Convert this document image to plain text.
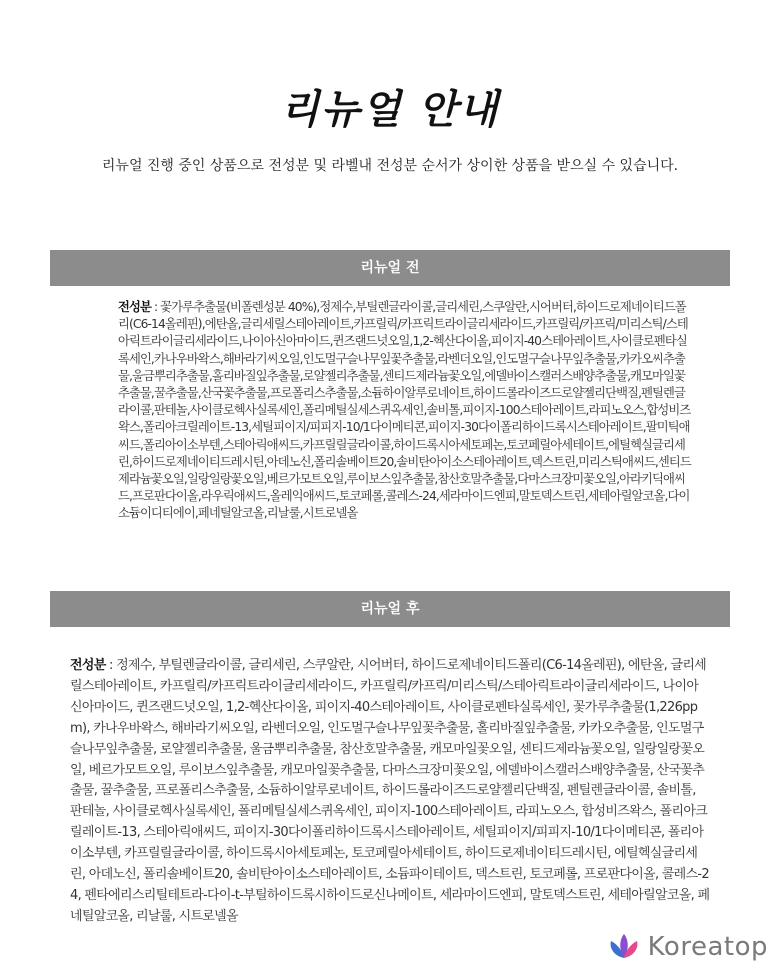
리뉴얼 안내
리뉴얼 진행 중인 상품으로 전성분 및 라벨내 전성분 순서가 상이한 상품을 받으실 수 있습니다.
리뉴얼 전
전성분 : 꽃가루추출물(비폴렌성분 40%),정제수,부틸렌글라이콜,글리세린,스쿠알란,시어버터,하이드로제네이티드폴리(C6-14올레핀),에탄올,글리세릴스테아레이트,카프릴릭/카프릭트라이글리세라이드,카프릴릭/카프릭/미리스틱/스테아릭트라이글리세라이드,나이아신아마이드,퀸즈랜드넛오일,1,2-헥산다이올,피이지-40스테아레이트,사이클로펜타실록세인,카나우바왁스,해바라기씨오일,인도멀구슬나무잎꽃추출물,라벤더오일,인도멀구슬나무잎추출물,카카오씨추출물,울금뿌리추출물,홀리바질잎추출물,로얄젤리추출물,센티드제라늄꽃오일,에델바이스캘러스배양추출물,캐모마일꽃추출물,꿀추출물,산국꽃추출물,프로폴리스추출물,소듐하이알루로네이트,하이드롤라이즈드로얄젤리단백질,펜틸렌글라이콜,판테놀,사이클로헥사실록세인,폴리메틸실세스퀴옥세인,솔비톨,피이지-100스테아레이트,라피노오스,합성비즈왁스,폴리아크릴레이트-13,세틸피이지/피피지-10/1다이메티콘,피이지-30다이폴리하이드록시스테아레이트,팔미틱애씨드,폴리아이소부텐,스테아릭애씨드,카프릴릴글라이콜,하이드록시아세토페논,토코페릴아세테이트,에틸헥실글리세린,하이드로제네이티드레시틴,아데노신,폴리솔베이트20,솔비탄아이소스테아레이트,덱스트린,미리스틱애씨드,센티드제라늄꽃오일,일랑일랑꽃오일,베르가모트오일,루이보스잎추출물,참산호말추출물,다마스크장미꽃오일,아라키딕애씨드,프로판다이올,라우릭애씨드,올레익애씨드,토코페롤,콜레스-24,세라마이드엔피,말토덱스트린,세테아릴알코올,다이소듐이디티에이,페네틸알코올,리날룰,시트로넬올
리뉴얼 후
전성분 : 정제수, 부틸렌글라이콜, 글리세린, 스쿠알란, 시어버터, 하이드로제네이티드폴리(C6-14올레핀), 에탄올, 글리세릴스테아레이트, 카프릴릭/카프릭트라이글리세라이드, 카프릴릭/카프릭/미리스틱/스테아릭트라이글리세라이드, 나이아신아마이드, 퀸즈랜드넛오일, 1,2-헥산다이올, 피이지-40스테아레이트, 사이클로펜타실록세인, 꽃가루추출물(1,226ppm), 카나우바왁스, 해바라기씨오일, 라벤더오일, 인도멀구슬나무잎꽃추출물, 홀리바질잎추출물, 카카오추출물, 인도멀구슬나무잎추출물, 로얄젤리추출물, 울금뿌리추출물, 참산호말추출물, 캐모마일꽃오일, 센티드제라늄꽃오일, 일랑일랑꽃오일, 베르가모트오일, 루이보스잎추출물, 캐모마일꽃추출물, 다마스크장미꽃오일, 에델바이스캘러스배양추출물, 산국꽃추출물, 꿀추출물, 프로폴리스추출물, 소듐하이알루로네이트, 하이드롤라이즈드로얄젤리단백질, 펜틸렌글라이콜, 솔비톨, 판테놀, 사이클로헥사실록세인, 폴리메틸실세스퀴옥세인, 피이지-100스테아레이트, 라피노오스, 합성비즈왁스, 폴리아크릴레이트-13, 스테아릭애씨드, 피이지-30다이폴리하이드록시스테아레이트, 세틸피이지/피피지-10/1다이메티콘, 폴리아이소부텐, 카프릴릴글라이콜, 하이드록시아세토페논, 토코페릴아세테이트, 하이드로제네이티드레시틴, 에틸헥실글리세린, 아데노신, 폴리솔베이트20, 솔비탄아이소스테아레이트, 소듐파이테이트, 덱스트린, 토코페롤, 프로판다이올, 콜레스-24, 펜타에리스리틸테트라-다이-t-부틸하이드록시하이드로신나메이트, 세라마이드엔피, 말토덱스트린, 세테아릴알코올, 페네틸알코올, 리날룰, 시트로넬올
Koreatop
